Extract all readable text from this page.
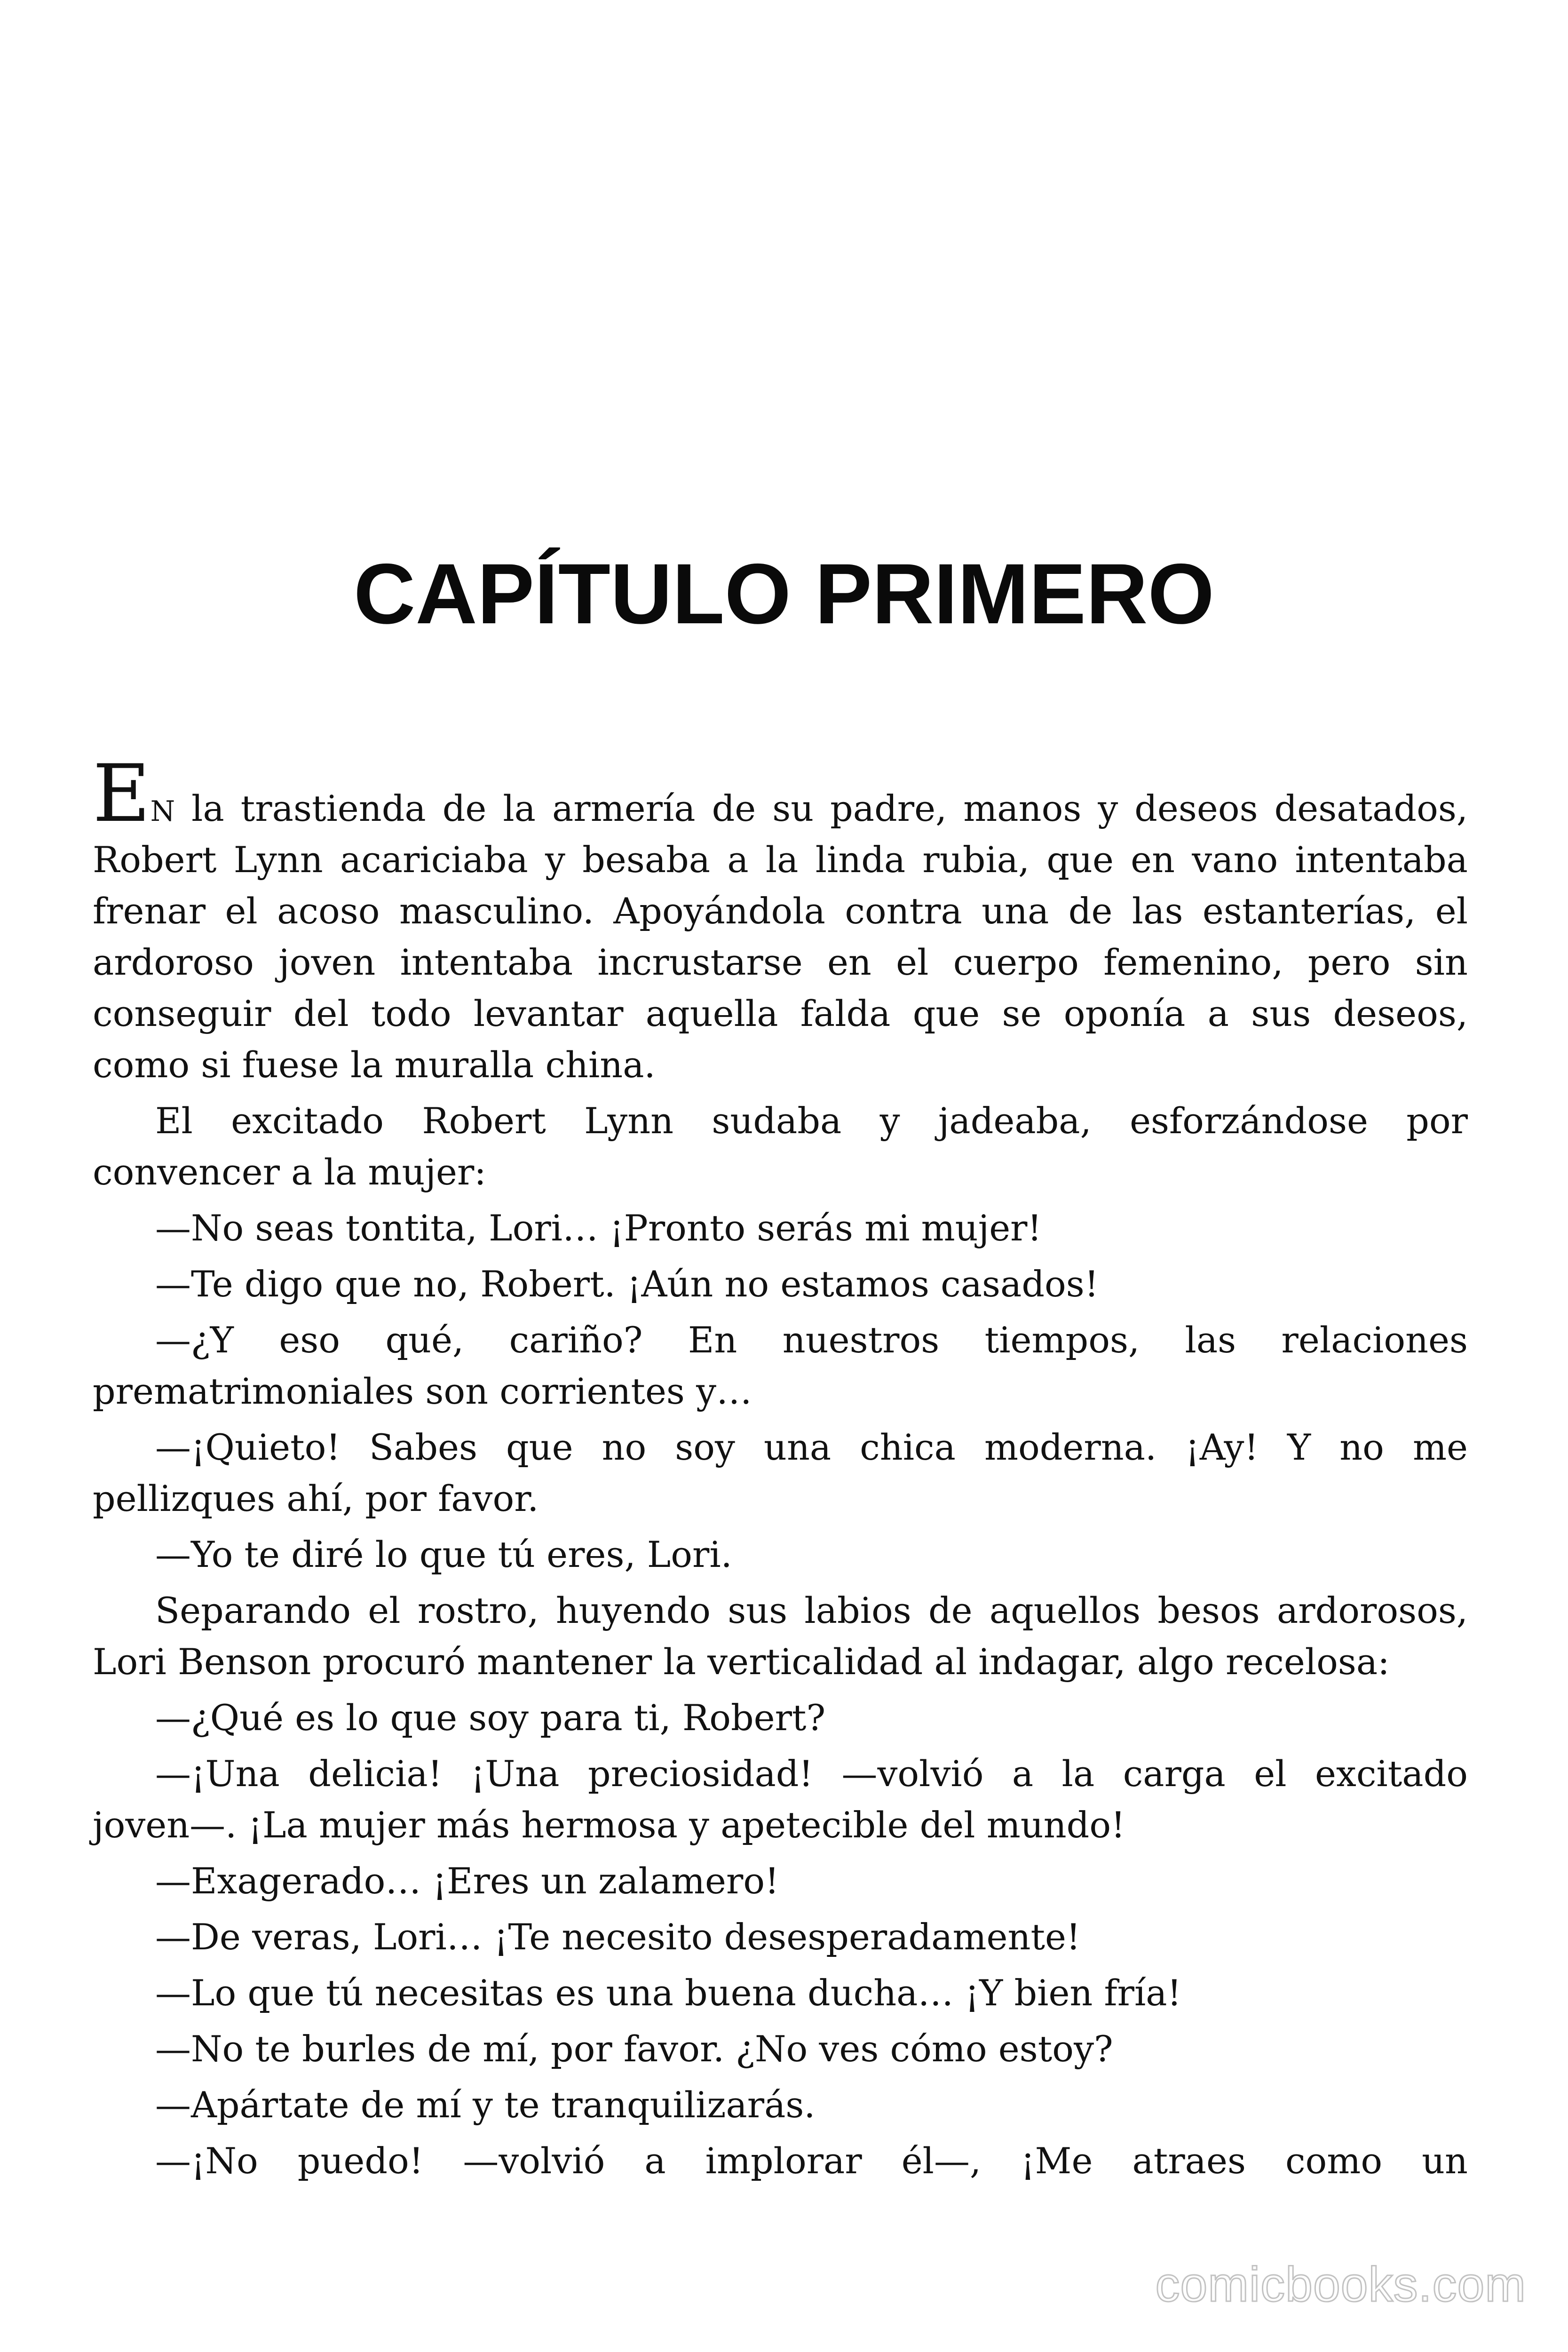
CAPÍTULO PRIMERO
EN la trastienda de la armería de su padre, manos y deseos desatados,
Robert Lynn acariciaba y besaba a la linda rubia, que en vano intentaba
frenar el acoso masculino. Apoyándola contra una de las estanterías, el
ardoroso joven intentaba incrustarse en el cuerpo femenino, pero sin
conseguir del todo levantar aquella falda que se oponía a sus deseos,
como si fuese la muralla china.
El excitado Robert Lynn sudaba y jadeaba, esforzándose por
convencer a la mujer:
—No seas tontita, Lori… ¡Pronto serás mi mujer!
—Te digo que no, Robert. ¡Aún no estamos casados!
—¿Y eso qué, cariño? En nuestros tiempos, las relaciones
prematrimoniales son corrientes y…
—¡Quieto! Sabes que no soy una chica moderna. ¡Ay! Y no me
pellizques ahí, por favor.
—Yo te diré lo que tú eres, Lori.
Separando el rostro, huyendo sus labios de aquellos besos ardorosos,
Lori Benson procuró mantener la verticalidad al indagar, algo recelosa:
—¿Qué es lo que soy para ti, Robert?
—¡Una delicia! ¡Una preciosidad! —volvió a la carga el excitado
joven—. ¡La mujer más hermosa y apetecible del mundo!
—Exagerado… ¡Eres un zalamero!
—De veras, Lori… ¡Te necesito desesperadamente!
—Lo que tú necesitas es una buena ducha… ¡Y bien fría!
—No te burles de mí, por favor. ¿No ves cómo estoy?
—Apártate de mí y te tranquilizarás.
—¡No puedo! —volvió a implorar él—, ¡Me atraes como un
comicbooks.com
